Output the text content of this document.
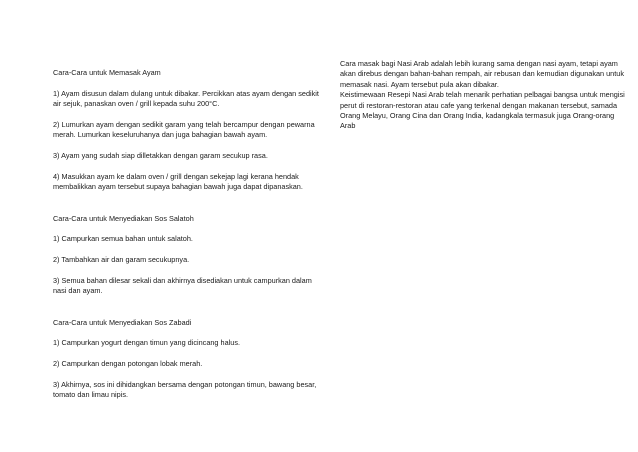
Cara-Cara untuk Memasak Ayam

1) Ayam disusun dalam dulang untuk dibakar. Percikkan atas ayam dengan sedikit air sejuk, panaskan oven / grill kepada suhu 200°C.

2) Lumurkan ayam dengan sedikit garam yang telah bercampur dengan pewarna merah. Lumurkan keseluruhanya dan juga bahagian bawah ayam.

3) Ayam yang sudah siap dilletakkan dengan garam secukup rasa.

4) Masukkan ayam ke dalam oven / grill dengan sekejap lagi kerana hendak membalikkan ayam tersebut supaya bahagian bawah juga dapat dipanaskan.

Cara-Cara untuk Menyediakan Sos Salatoh

1) Campurkan semua bahan untuk salatoh.

2) Tambahkan air dan garam secukupnya.

3) Semua bahan dilesar sekali dan akhirnya disediakan untuk campurkan dalam nasi dan ayam.

Cara-Cara untuk Menyediakan Sos Zabadi

1) Campurkan yogurt dengan timun yang dicincang halus.

2) Campurkan dengan potongan lobak merah.

3) Akhirnya, sos ini dihidangkan bersama dengan potongan timun, bawang besar, tomato dan limau nipis.

Cara masak bagi Nasi Arab adalah lebih kurang sama dengan nasi ayam, tetapi ayam akan direbus dengan bahan-bahan rempah, air rebusan dan kemudian digunakan untuk memasak nasi. Ayam tersebut pula akan dibakar.

Keistimewaan Resepi Nasi Arab telah menarik perhatian pelbagai bangsa untuk mengisi perut di restoran-restoran atau cafe yang terkenal dengan makanan tersebut, samada Orang Melayu, Orang Cina dan Orang India, kadangkala termasuk juga Orang-orang Arab
